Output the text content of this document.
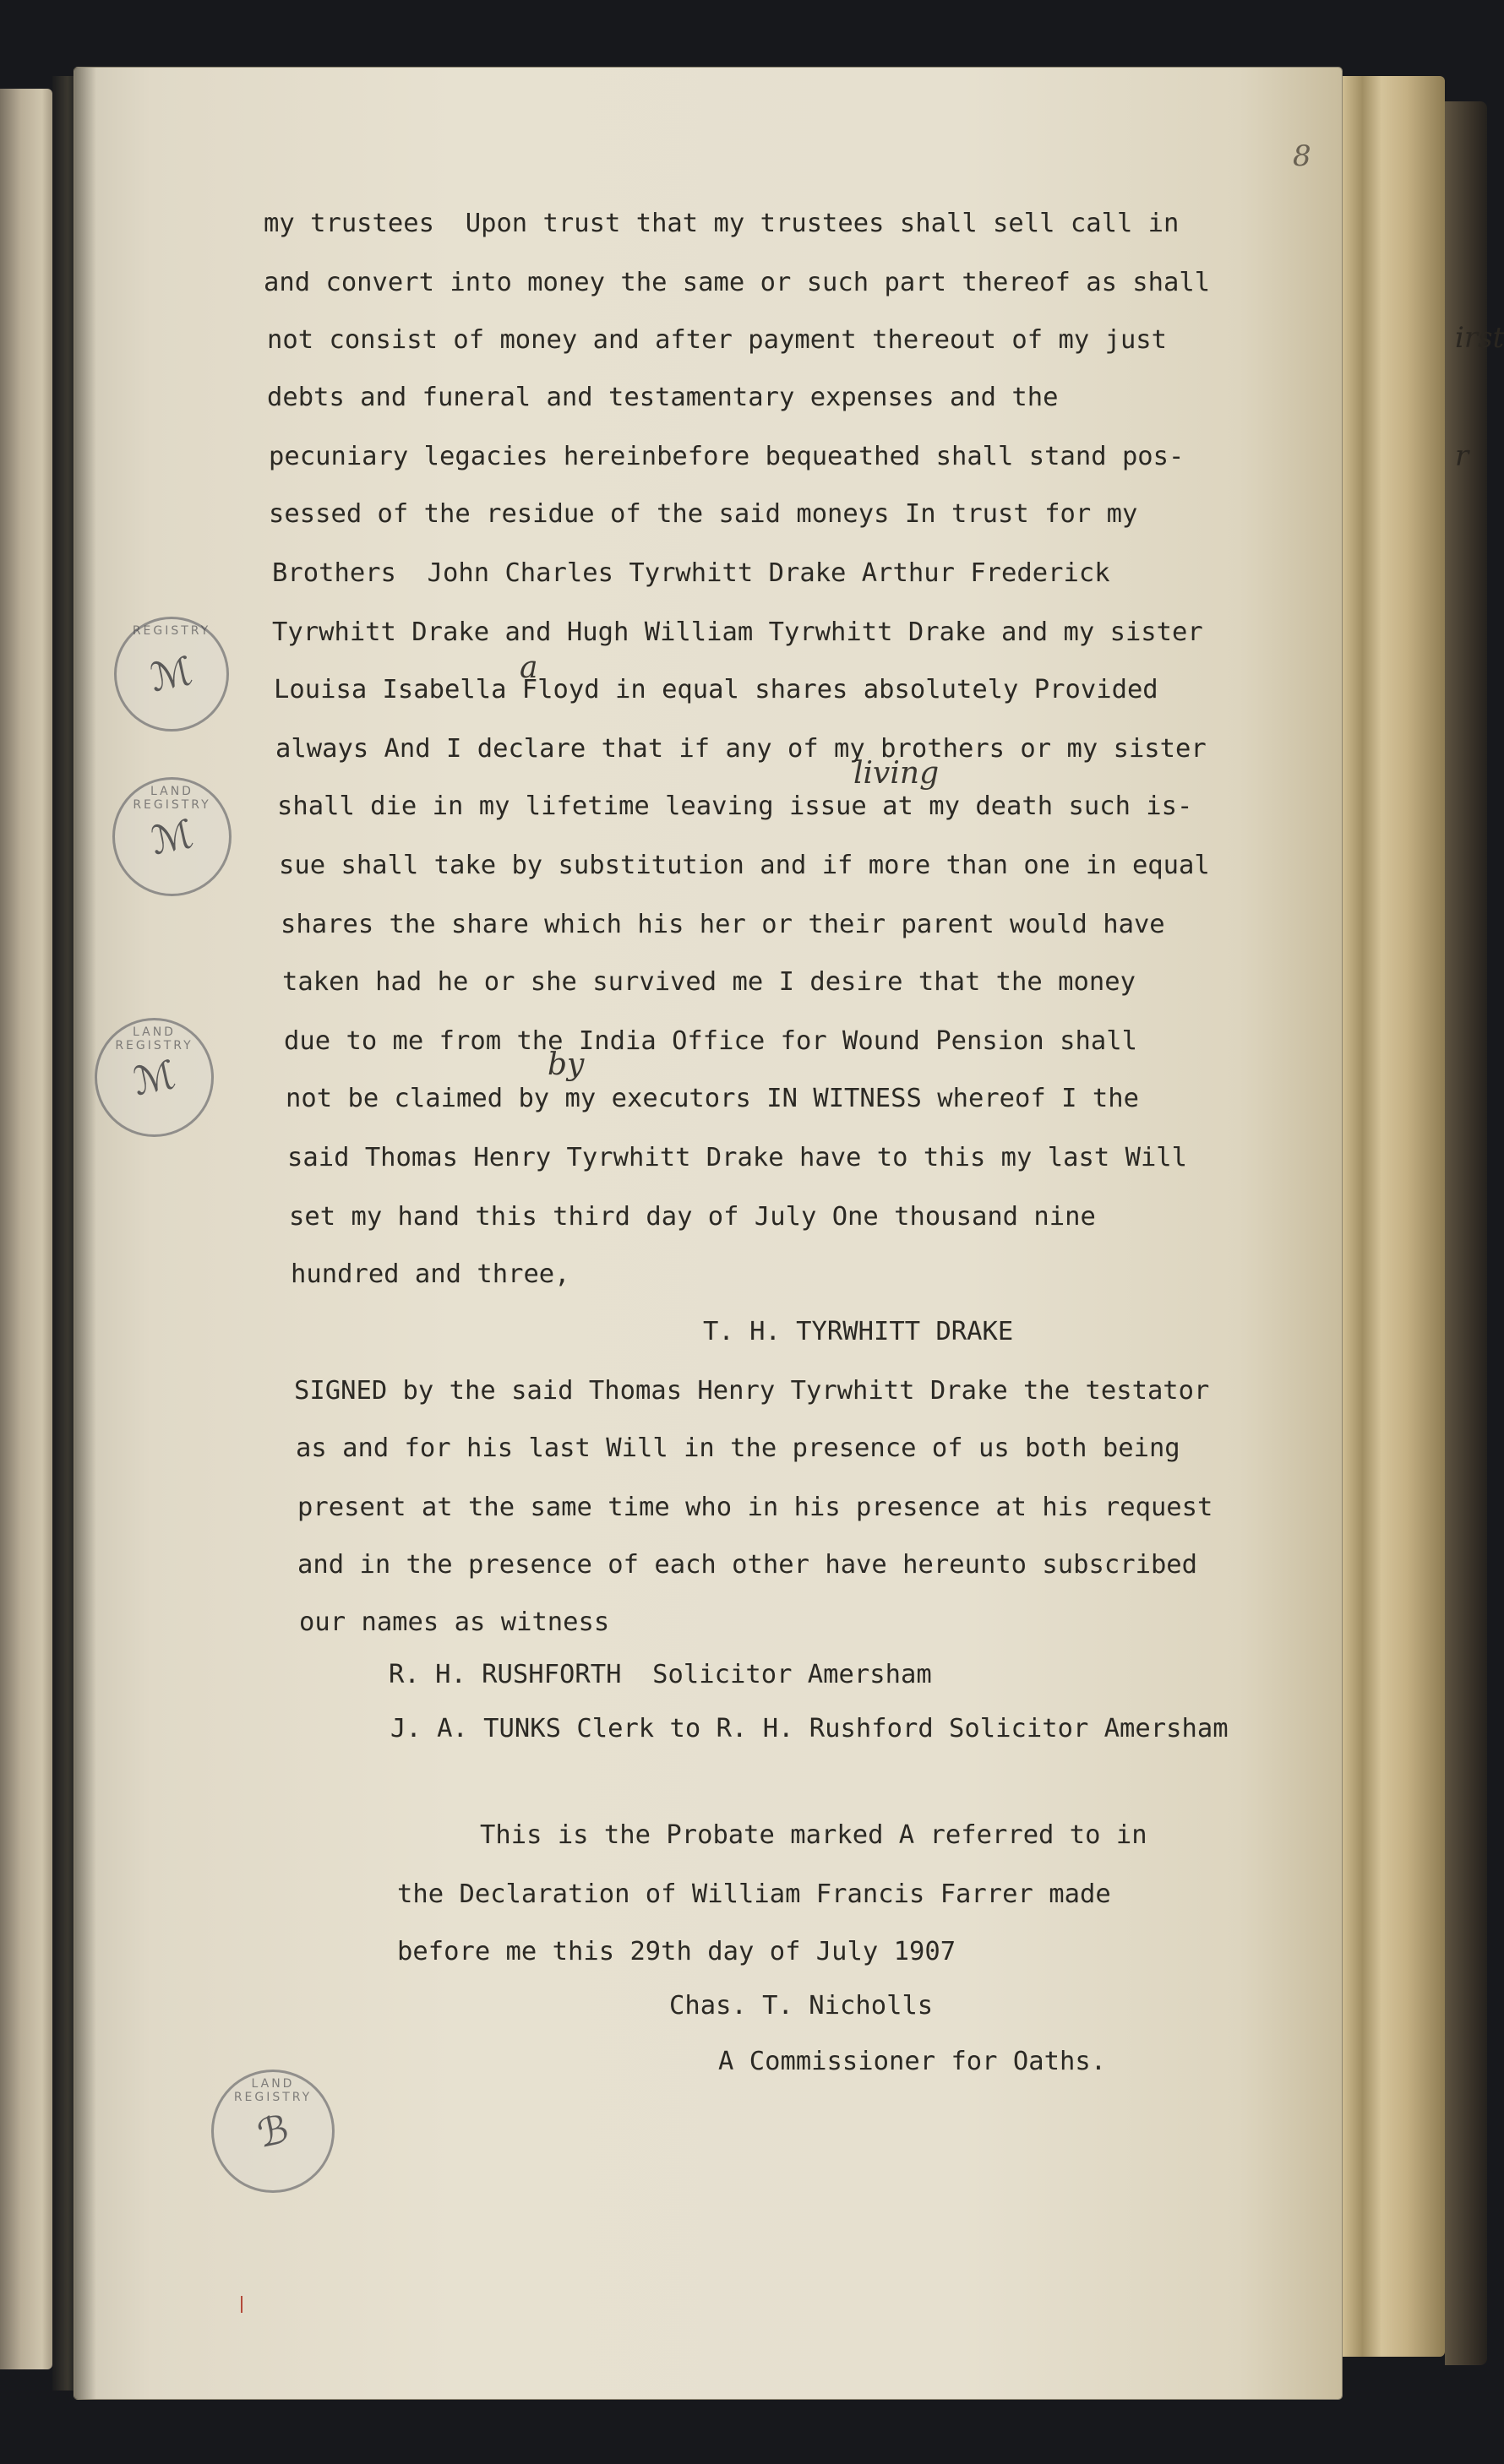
irst
r
8
REGISTRY
ℳ
LAND REGISTRY
ℳ
LAND REGISTRY
ℳ
LAND REGISTRY
ℬ

my trustees  Upon trust that my trustees shall sell call in

and convert into money the same or such part thereof as shall

not consist of money and after payment thereout of my just

debts and funeral and testamentary expenses and the

pecuniary legacies hereinbefore bequeathed shall stand pos-

sessed of the residue of the said moneys In trust for my

Brothers  John Charles Tyrwhitt Drake Arthur Frederick

Tyrwhitt Drake and Hugh William Tyrwhitt Drake and my sister

Louisa Isabella Floyd in equal shares absolutely Provided

always And I declare that if any of my brothers or my sister

shall die in my lifetime leaving issue at my death such is-

sue shall take by substitution and if more than one in equal

shares the share which his her or their parent would have

taken had he or she survived me I desire that the money

due to me from the India Office for Wound Pension shall

not be claimed by my executors IN WITNESS whereof I the

said Thomas Henry Tyrwhitt Drake have to this my last Will

set my hand this third day of July One thousand nine

hundred and three,

T. H. TYRWHITT DRAKE

SIGNED by the said Thomas Henry Tyrwhitt Drake the testator

as and for his last Will in the presence of us both being

present at the same time who in his presence at his request

and in the presence of each other have hereunto subscribed

our names as witness

R. H. RUSHFORTH  Solicitor Amersham

J. A. TUNKS Clerk to R. H. Rushford Solicitor Amersham

This is the Probate marked A referred to in

the Declaration of William Francis Farrer made

before me this 29th day of July 1907

Chas. T. Nicholls

A Commissioner for Oaths.

a
living
by
